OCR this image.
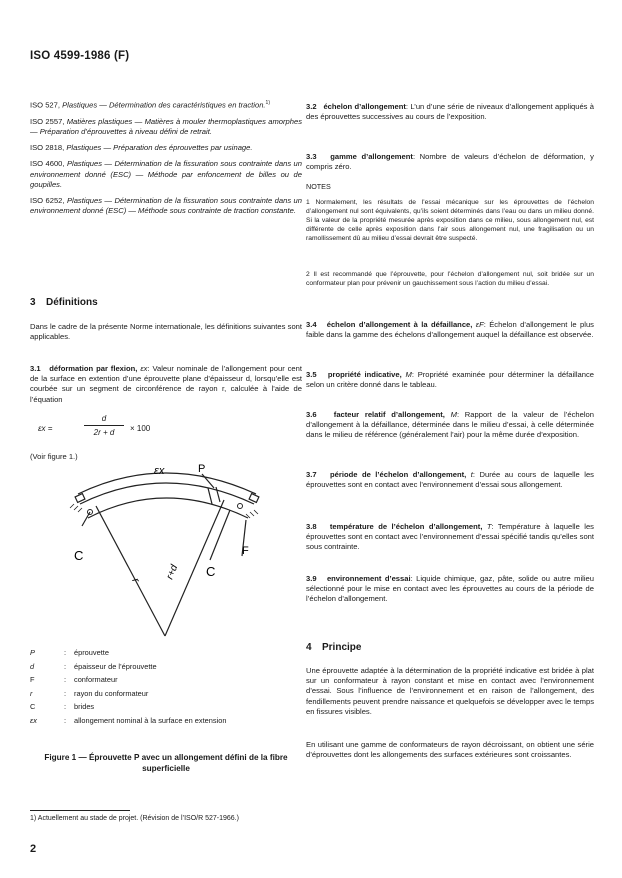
ISO 4599-1986 (F)

ISO 527, Plastiques — Détermination des caractéristiques en traction.$^{1)}$

ISO 2557, Matières plastiques — Matières à mouler thermoplastiques amorphes — Préparation d’éprouvettes à niveau défini de retrait.

ISO 2818, Plastiques — Préparation des éprouvettes par usinage.

ISO 4600, Plastiques — Détermination de la fissuration sous contrainte dans un environnement donné (ESC) — Méthode par enfoncement de billes ou de goupilles.

ISO 6252, Plastiques — Détermination de la fissuration sous contrainte dans un environnement donné (ESC) — Méthode sous contrainte de traction constante.

3 Définitions
Dans le cadre de la présente Norme internationale, les définitions suivantes sont applicables.
3.1 déformation par flexion, εx: Valeur nominale de l’allongement pour cent de la surface en extention d’une éprouvette plane d’épaisseur d, lorsqu’elle est courbée sur un segment de circonférence de rayon r, calculée à l’aide de l’équation
εx =
d
2r + d	× 100
(Voir figure 1.)
εx	P
C
C
F
r r+d
P	:	éprouvette
d	:	épaisseur de l’éprouvette
F	:	conformateur
r	:	rayon du conformateur
C	:	brides
εx	:	allongement nominal à la surface en extension
Figure 1 — Éprouvette P avec un allongement défini de la fibre superficielle
3.2 échelon d’allongement: L’un d’une série de niveaux d’allongement appliqués à des éprouvettes successives au cours de l’exposition.
3.3 gamme d’allongement: Nombre de valeurs d’échelon de déformation, y compris zéro.
NOTES
1 Normalement, les résultats de l’essai mécanique sur les éprouvettes de l’échelon d’allongement nul sont équivalents, qu’ils soient déterminés dans l’eau ou dans un milieu donné. Si la valeur de la propriété mesurée après exposition dans ce milieu, sous allongement nul, est différente de celle après exposition dans l’air sous allongement nul, une fragilisation ou un ramollissement dû au milieu d’essai devrait être suspecté.
2 Il est recommandé que l’éprouvette, pour l’échelon d’allongement nul, soit bridée sur un conformateur plan pour prévenir un gauchissement sous l’action du milieu d’essai.
3.4 échelon d’allongement à la défaillance, εF: Échelon d’allongement le plus faible dans la gamme des échelons d’allongement auquel la défaillance est observée.
3.5 propriété indicative, M: Propriété examinée pour déterminer la défaillance selon un critère donné dans le tableau.
3.6 facteur relatif d’allongement, M: Rapport de la valeur de l’échelon d’allongement à la défaillance, déterminée dans le milieu d’essai, à celle déterminée dans le milieu de référence (généralement l’air) pour la même durée d’exposition.
3.7 période de l’échelon d’allongement, t: Durée au cours de laquelle les éprouvettes sont en contact avec l’environnement d’essai sous allongement.
3.8 température de l’échelon d’allongement, T: Température à laquelle les éprouvettes sont en contact avec l’environnement d’essai spécifié tandis qu’elles sont sous contrainte.
3.9 environnement d’essai: Liquide chimique, gaz, pâte, solide ou autre milieu sélectionné pour le mise en contact avec les éprouvettes au cours de la période de l’échelon d’allongement.
4 Principe
Une éprouvette adaptée à la détermination de la propriété indicative est bridée à plat sur un conformateur à rayon constant et mise en contact avec l’environnement d’essai. Sous l’influence de l’environnement et en raison de l’allongement, des fendillements peuvent prendre naissance et quelquefois se développer avec le temps en fissures visibles.
En utilisant une gamme de conformateurs de rayon décroissant, on obtient une série d’éprouvettes dont les allongements des surfaces extérieures sont croissantes.
1) Actuellement au stade de projet. (Révision de l’ISO/R 527-1966.)
2
